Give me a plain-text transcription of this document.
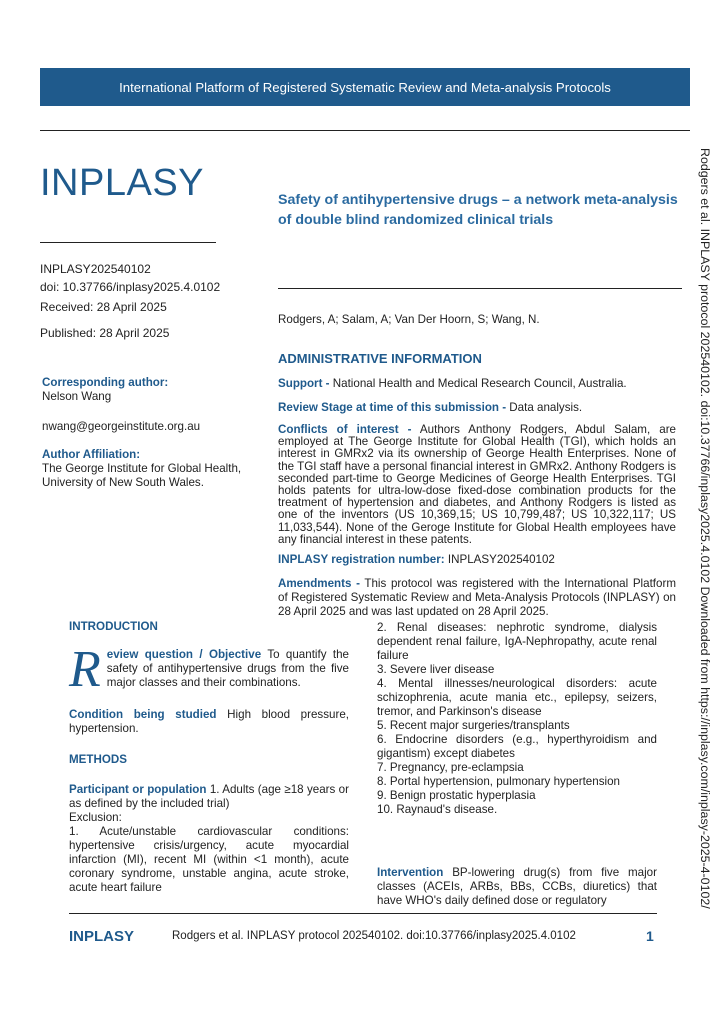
International Platform of Registered Systematic Review and Meta-analysis Protocols
INPLASY
INPLASY202540102
doi: 10.37766/inplasy2025.4.0102
Received: 28 April 2025
Published: 28 April 2025
Safety of antihypertensive drugs – a network meta-analysis of double blind randomized clinical trials
Rodgers, A; Salam, A; Van Der Hoorn, S; Wang, N.
Corresponding author:
Nelson Wang
nwang@georgeinstitute.org.au
Author Affiliation:
The George Institute for Global Health, University of New South Wales.
ADMINISTRATIVE INFORMATION
Support - National Health and Medical Research Council, Australia.
Review Stage at time of this submission - Data analysis.
Conflicts of interest - Authors Anthony Rodgers, Abdul Salam, are employed at The George Institute for Global Health (TGI), which holds an interest in GMRx2 via its ownership of George Health Enterprises. None of the TGI staff have a personal financial interest in GMRx2. Anthony Rodgers is seconded part-time to George Medicines of George Health Enterprises. TGI holds patents for ultra-low-dose fixed-dose combination products for the treatment of hypertension and diabetes, and Anthony Rodgers is listed as one of the inventors (US 10,369,15; US 10,799,487; US 10,322,117; US 11,033,544). None of the Geroge Institute for Global Health employees have any financial interest in these patents.
INPLASY registration number: INPLASY202540102
Amendments - This protocol was registered with the International Platform of Registered Systematic Review and Meta-Analysis Protocols (INPLASY) on 28 April 2025 and was last updated on 28 April 2025.
INTRODUCTION
R eview question / Objective To quantify the safety of antihypertensive drugs from the five major classes and their combinations.
Condition being studied High blood pressure, hypertension.
METHODS
Participant or population 1. Adults (age ≥18 years or as defined by the included trial)
Exclusion:
1. Acute/unstable cardiovascular conditions: hypertensive crisis/urgency, acute myocardial infarction (MI), recent MI (within <1 month), acute coronary syndrome, unstable angina, acute stroke, acute heart failure
2. Renal diseases: nephrotic syndrome, dialysis dependent renal failure, IgA-Nephropathy, acute renal failure
3. Severe liver disease
4. Mental illnesses/neurological disorders: acute schizophrenia, acute mania etc., epilepsy, seizers, tremor, and Parkinson's disease
5. Recent major surgeries/transplants
6. Endocrine disorders (e.g., hyperthyroidism and gigantism) except diabetes
7. Pregnancy, pre-eclampsia
8. Portal hypertension, pulmonary hypertension
9. Benign prostatic hyperplasia
10. Raynaud's disease.
Intervention BP-lowering drug(s) from five major classes (ACEIs, ARBs, BBs, CCBs, diuretics) that have WHO's daily defined dose or regulatory	Rodgers et al. INPLASY protocol 202540102. doi:10.37766/inplasy2025.4.0102 Downloaded from https://inplasy.com/inplasy-2025-4-0102/
INPLASY	Rodgers et al. INPLASY protocol 202540102. doi:10.37766/inplasy2025.4.0102	1
